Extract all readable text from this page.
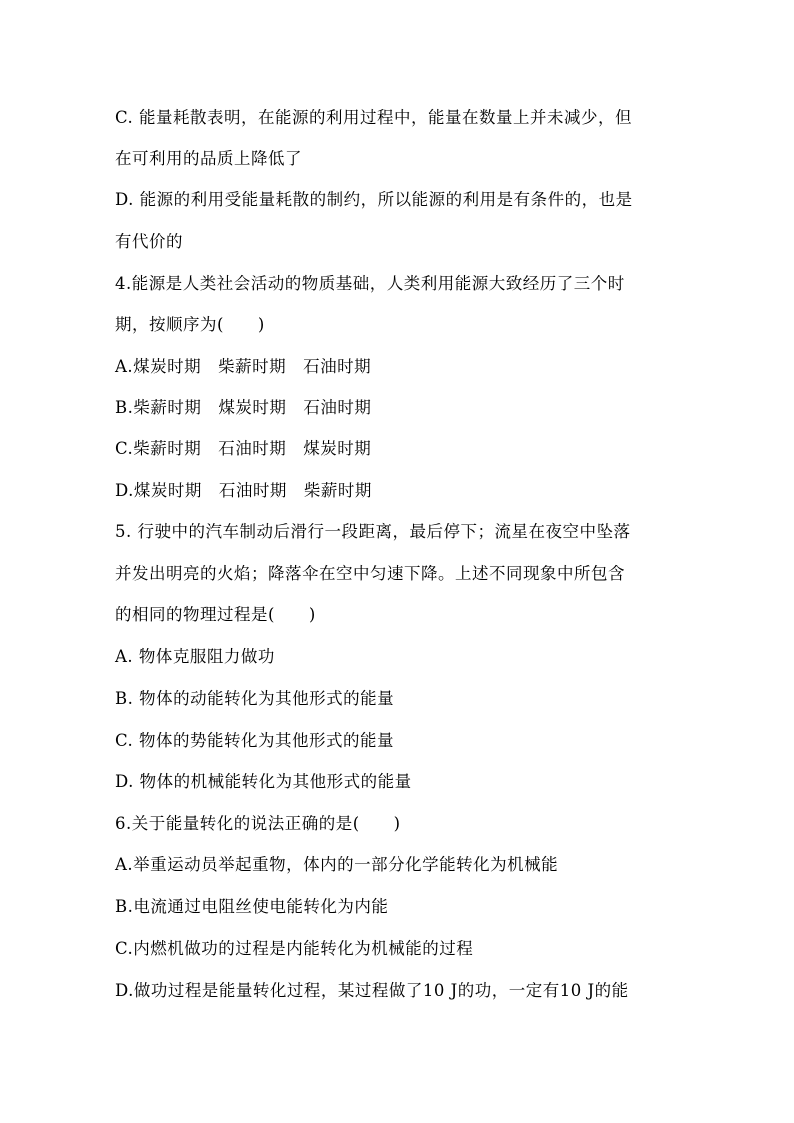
C. 能量耗散表明，在能源的利用过程中，能量在数量上并未减少，但
在可利用的品质上降低了
D. 能源的利用受能量耗散的制约，所以能源的利用是有条件的，也是
有代价的
4.能源是人类社会活动的物质基础，人类利用能源大致经历了三个时
期，按顺序为(　　)
A.煤炭时期　柴薪时期　石油时期
B.柴薪时期　煤炭时期　石油时期
C.柴薪时期　石油时期　煤炭时期
D.煤炭时期　石油时期　柴薪时期
5. 行驶中的汽车制动后滑行一段距离，最后停下；流星在夜空中坠落
并发出明亮的火焰；降落伞在空中匀速下降。上述不同现象中所包含
的相同的物理过程是(　　)
A. 物体克服阻力做功
B. 物体的动能转化为其他形式的能量
C. 物体的势能转化为其他形式的能量
D. 物体的机械能转化为其他形式的能量
6.关于能量转化的说法正确的是(　　)
A.举重运动员举起重物，体内的一部分化学能转化为机械能
B.电流通过电阻丝使电能转化为内能
C.内燃机做功的过程是内能转化为机械能的过程
D.做功过程是能量转化过程，某过程做了10 J的功，一定有10 J的能
